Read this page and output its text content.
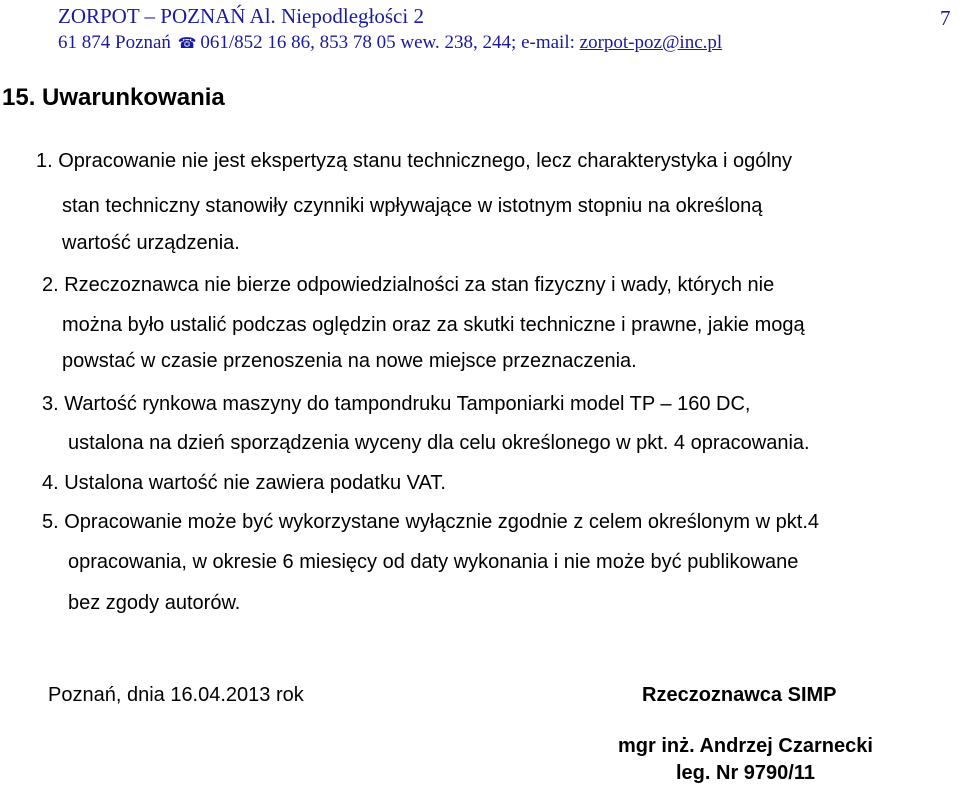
ZORPOT – POZNAŃ Al. Niepodległości 2
61 874 Poznań ☎ 061/852 16 86, 853 78 05 wew. 238, 244; e-mail: zorpot-poz@inc.pl
7
15. Uwarunkowania
1. Opracowanie nie jest ekspertyzą stanu technicznego, lecz charakterystyka i ogólny
stan techniczny stanowiły czynniki wpływające w istotnym stopniu na określoną
wartość urządzenia.
2. Rzeczoznawca nie bierze odpowiedzialności za stan fizyczny i wady, których nie
można było ustalić podczas oględzin oraz za skutki techniczne i prawne, jakie mogą
powstać w czasie przenoszenia na nowe miejsce przeznaczenia.
3. Wartość rynkowa maszyny do tampondruku Tamponiarki model TP – 160 DC,
ustalona na dzień sporządzenia wyceny dla celu określonego w pkt. 4 opracowania.
4. Ustalona wartość nie zawiera podatku VAT.
5. Opracowanie może być wykorzystane wyłącznie zgodnie z celem określonym w pkt.4
opracowania, w okresie 6 miesięcy od daty wykonania i nie może być publikowane
bez zgody autorów.
Poznań, dnia 16.04.2013 rok	Rzeczoznawca SIMP
mgr inż. Andrzej Czarnecki
leg. Nr 9790/11
